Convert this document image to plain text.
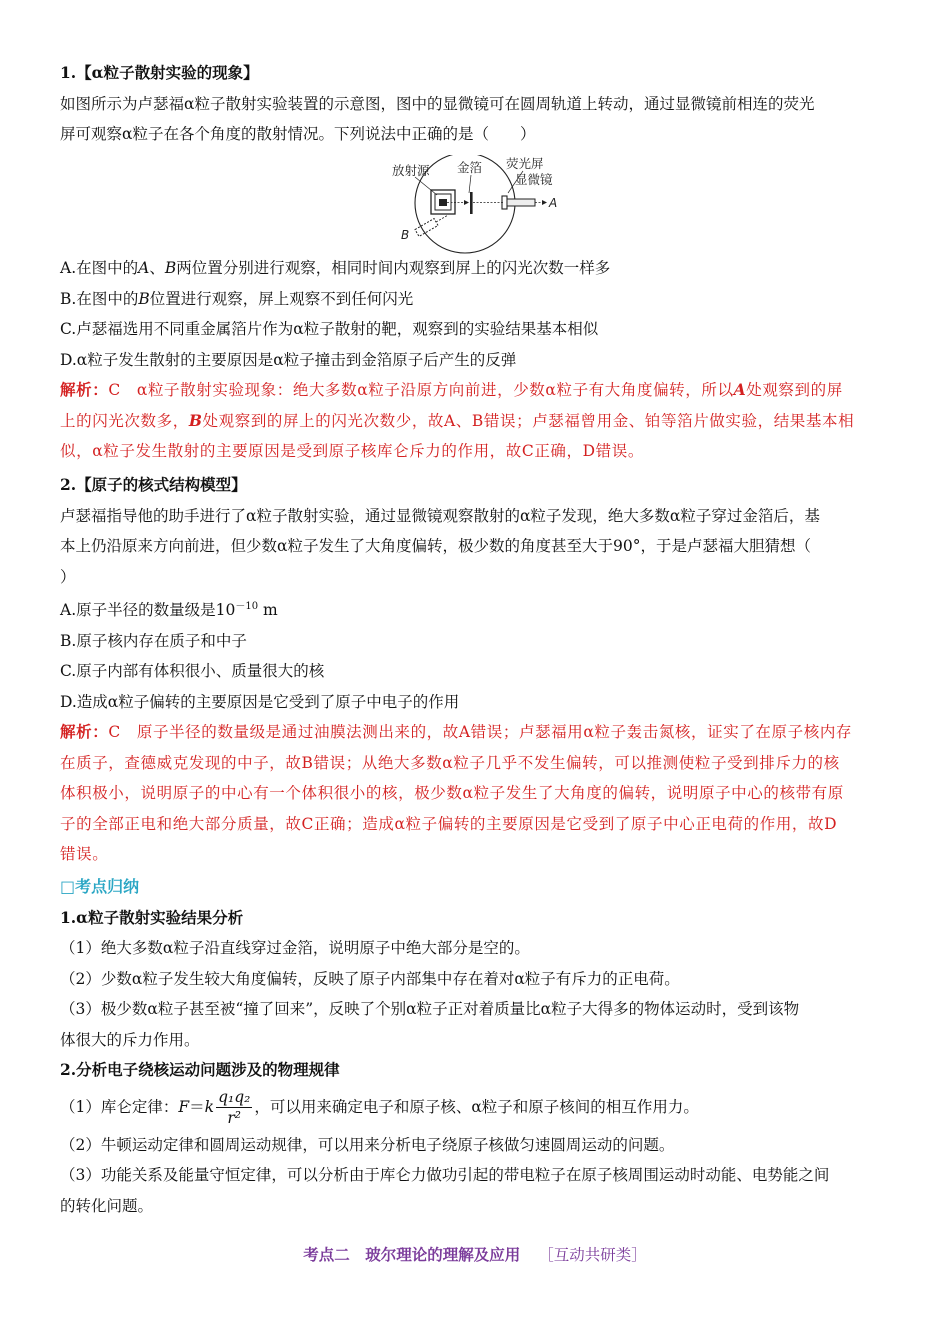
1.【α粒子散射实验的现象】
如图所示为卢瑟福α粒子散射实验装置的示意图，图中的显微镜可在圆周轨道上转动，通过显微镜前相连的荧光
屏可观察α粒子在各个角度的散射情况。下列说法中正确的是（　　）
放射源 金箔 荧光屏
显微镜
A
B
A.在图中的A、B两位置分别进行观察，相同时间内观察到屏上的闪光次数一样多
B.在图中的B位置进行观察，屏上观察不到任何闪光
C.卢瑟福选用不同重金属箔片作为α粒子散射的靶，观察到的实验结果基本相似
D.α粒子发生散射的主要原因是α粒子撞击到金箔原子后产生的反弹
解析：C　α粒子散射实验现象：绝大多数α粒子沿原方向前进，少数α粒子有大角度偏转，所以A处观察到的屏
上的闪光次数多，B处观察到的屏上的闪光次数少，故A、B错误；卢瑟福曾用金、铂等箔片做实验，结果基本相
似，α粒子发生散射的主要原因是受到原子核库仑斥力的作用，故C正确，D错误。
2.【原子的核式结构模型】
卢瑟福指导他的助手进行了α粒子散射实验，通过显微镜观察散射的α粒子发现，绝大多数α粒子穿过金箔后，基
本上仍沿原来方向前进，但少数α粒子发生了大角度偏转，极少数的角度甚至大于90°，于是卢瑟福大胆猜想（
）
A.原子半径的数量级是$10^{-10}$ m
B.原子核内存在质子和中子
C.原子内部有体积很小、质量很大的核
D.造成α粒子偏转的主要原因是它受到了原子中电子的作用
解析：C　原子半径的数量级是通过油膜法测出来的，故A错误；卢瑟福用α粒子轰击氮核，证实了在原子核内存
在质子，查德威克发现的中子，故B错误；从绝大多数α粒子几乎不发生偏转，可以推测使粒子受到排斥力的核
体积极小，说明原子的中心有一个体积很小的核，极少数α粒子发生了大角度的偏转，说明原子中心的核带有原
子的全部正电和绝大部分质量，故C正确；造成α粒子偏转的主要原因是它受到了原子中心正电荷的作用，故D
错误。
□考点归纳
1.α粒子散射实验结果分析
（1）绝大多数α粒子沿直线穿过金箔，说明原子中绝大部分是空的。
（2）少数α粒子发生较大角度偏转，反映了原子内部集中存在着对α粒子有斥力的正电荷。
（3）极少数α粒子甚至被“撞了回来”，反映了个别α粒子正对着质量比α粒子大得多的物体运动时，受到该物
体很大的斥力作用。
2.分析电子绕核运动问题涉及的物理规律
（1）库仑定律： F ＝ k $\frac{\text{q₁q₂}}{\text{r²}}$ ，可以用来确定电子和原子核、α粒子和原子核间的相互作用力。
（2）牛顿运动定律和圆周运动规律，可以用来分析电子绕原子核做匀速圆周运动的问题。
（3）功能关系及能量守恒定律，可以分析由于库仑力做功引起的带电粒子在原子核周围运动时动能、电势能之间
的转化问题。
考点二　玻尔理论的理解及应用 ［互动共研类］
